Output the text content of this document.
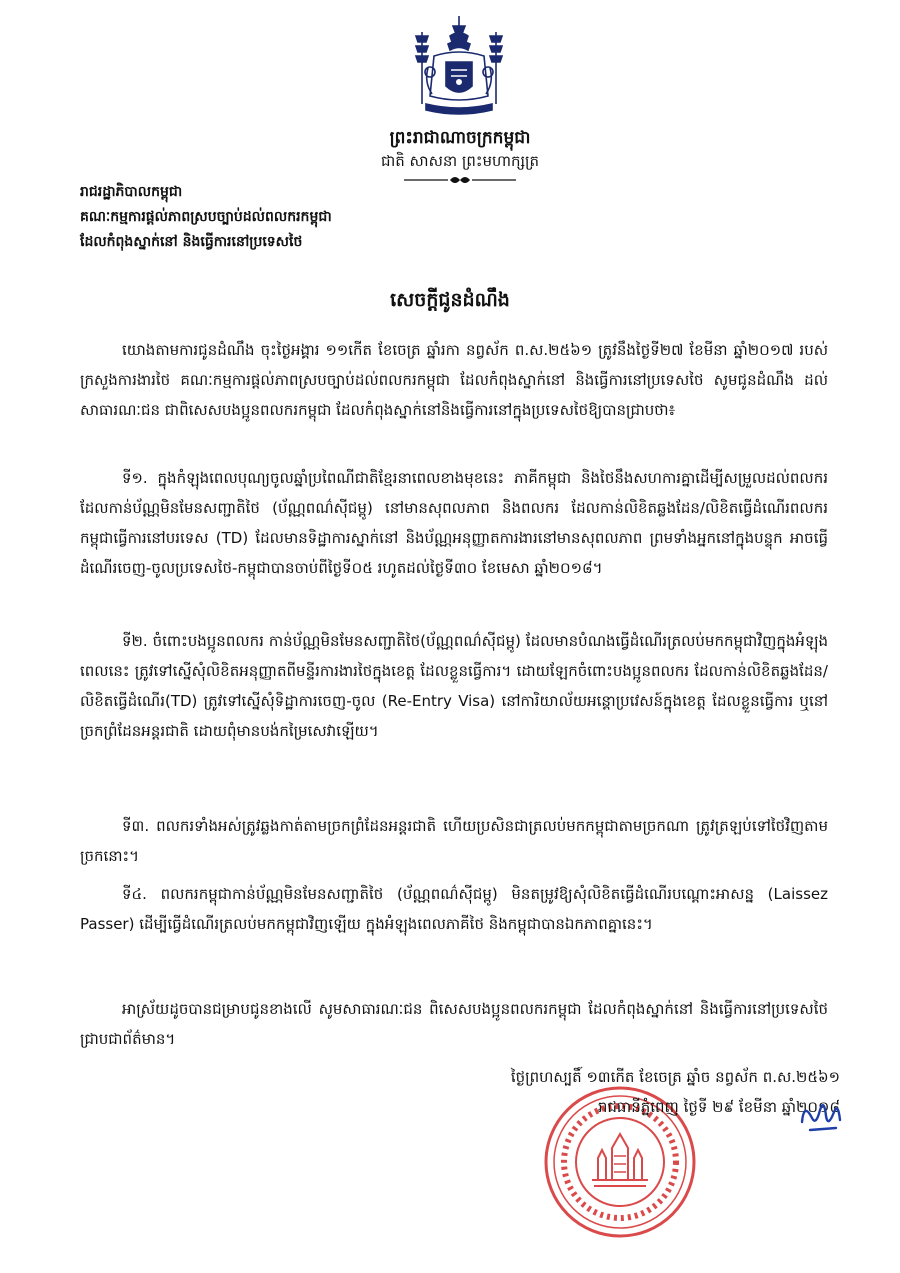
ព្រះរាជាណាចក្រកម្ពុជា
ជាតិ សាសនា ព្រះមហាក្សត្រ
រាជរដ្ឋាភិបាលកម្ពុជា
គណៈកម្មការផ្តល់ភាពស្របច្បាប់ដល់ពលករកម្ពុជា
ដែលកំពុងស្នាក់នៅ និងធ្វើការនៅប្រទេសថៃ
សេចក្តីជូនដំណឹង
យោងតាមការជូនដំណឹង ចុះថ្ងៃអង្គារ ១១កើត ខែចេត្រ ឆ្នាំរកា នព្វស័ក ព.ស.២៥៦១ ត្រូវនឹងថ្ងៃទី២៧ ខែមីនា ឆ្នាំ២០១៧ របស់ក្រសួងការងារថៃ គណៈកម្មការផ្តល់ភាពស្របច្បាប់ដល់ពលករកម្ពុជា ដែលកំពុងស្នាក់នៅ និងធ្វើការនៅប្រទេសថៃ សូមជូនដំណឹង ដល់សាធារណៈជន ជាពិសេសបងប្អូនពលករកម្ពុជា ដែលកំពុងស្នាក់នៅនិងធ្វើការនៅក្នុងប្រទេសថៃឱ្យបានជ្រាបថា៖
ទី១. ក្នុងកំឡុងពេលបុណ្យចូលឆ្នាំប្រពៃណីជាតិខ្មែរនាពេលខាងមុខនេះ ភាគីកម្ពុជា និងថៃនឹងសហការគ្នាដើម្បីសម្រួលដល់ពលករ ដែលកាន់ប័ណ្ណមិនមែនសញ្ជាតិថៃ (ប័ណ្ណពណ៌ស៊ីជម្ពូ) នៅមានសុពលភាព និងពលករ ដែលកាន់លិខិតឆ្លងដែន/លិខិតធ្វើដំណើរពលករកម្ពុជាធ្វើការនៅបរទេស (TD) ដែលមានទិដ្ឋាការស្នាក់នៅ និងប័ណ្ណអនុញ្ញាតការងារនៅមានសុពលភាព ព្រមទាំងអ្នកនៅក្នុងបន្ទុក អាចធ្វើដំណើរចេញ-ចូលប្រទេសថៃ-កម្ពុជាបានចាប់ពីថ្ងៃទី០៥ រហូតដល់ថ្ងៃទី៣០ ខែមេសា ឆ្នាំ២០១៨។
ទី២. ចំពោះបងប្អូនពលករ កាន់ប័ណ្ណមិនមែនសញ្ជាតិថៃ(ប័ណ្ណពណ៌ស៊ីជម្ពូ) ដែលមានបំណងធ្វើដំណើរត្រលប់មកកម្ពុជាវិញក្នុងអំឡុងពេលនេះ ត្រូវទៅស្នើសុំលិខិតអនុញ្ញាតពីមន្ទីរការងារថៃក្នុងខេត្ត ដែលខ្លួនធ្វើការ។ ដោយឡែកចំពោះបងប្អូនពលករ ដែលកាន់លិខិតឆ្លងដែន/លិខិតធ្វើដំណើរ(TD) ត្រូវទៅស្នើសុំទិដ្ឋាការចេញ-ចូល (Re-Entry Visa) នៅការិយាល័យអន្តោប្រវេសន៍ក្នុងខេត្ត ដែលខ្លួនធ្វើការ ឬនៅច្រកព្រំដែនអន្តរជាតិ ដោយពុំមានបង់កម្រៃសេវាឡើយ។
ទី៣. ពលករទាំងអស់ត្រូវឆ្លងកាត់តាមច្រកព្រំដែនអន្តរជាតិ ហើយប្រសិនជាត្រលប់មកកម្ពុជាតាមច្រកណា ត្រូវត្រឡប់ទៅថៃវិញតាមច្រកនោះ។
ទី៤. ពលករកម្ពុជាកាន់ប័ណ្ណមិនមែនសញ្ជាតិថៃ (ប័ណ្ណពណ៌ស៊ីជម្ពូ) មិនតម្រូវឱ្យសុំលិខិតធ្វើដំណើរបណ្តោះអាសន្ន (Laissez Passer) ដើម្បីធ្វើដំណើរត្រលប់មកកម្ពុជាវិញឡើយ ក្នុងអំឡុងពេលភាគីថៃ និងកម្ពុជាបានឯកភាពគ្នានេះ។
អាស្រ័យដូចបានជម្រាបជូនខាងលើ សូមសាធារណៈជន ពិសេសបងប្អូនពលករកម្ពុជា ដែលកំពុងស្នាក់នៅ និងធ្វើការនៅប្រទេសថៃ ជ្រាបជាព័ត៌មាន។
ថ្ងៃព្រហស្បតិ៍ ១៣កើត ខែចេត្រ ឆ្នាំច នព្វស័ក ព.ស.២៥៦១
រាជធានីភ្នំពេញ ថ្ងៃទី ២៩ ខែមីនា ឆ្នាំ២០១៨
